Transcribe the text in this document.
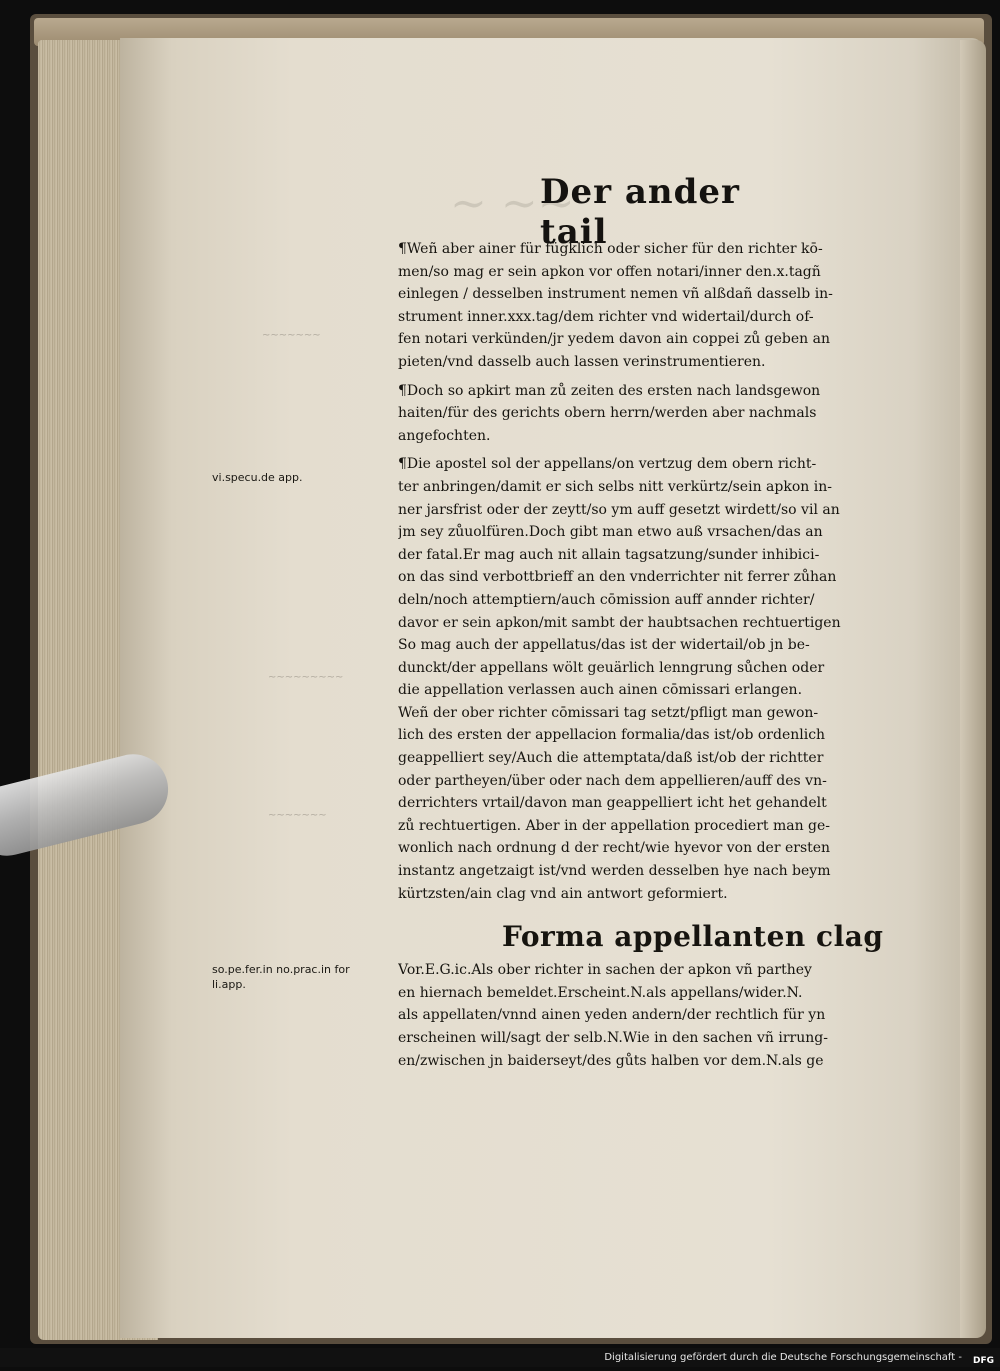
~ ~~
~~~~~~~
~~~~~~~~~
~~~~~~~
Der ander tail
vi.specu.de app.
so.pe.fer.in no.prac.in for li.app.
¶Weñ aber ainer für fügklich oder sicher für den richter kō-
men/so mag er sein apkon vor offen notari/inner den.x.tagñ
einlegen / desselben instrument nemen vñ alßdañ dasselb in-
strument inner.xxx.tag/dem richter vnd widertail/durch of-
fen notari verkünden/jr yedem davon ain coppei zů geben an
pieten/vnd dasselb auch lassen verinstrumentieren.
¶Doch so apkirt man zů zeiten des ersten nach landsgewon
haiten/für des gerichts obern herrn/werden aber nachmals
angefochten.
¶Die apostel sol der appellans/on vertzug dem obern richt-
ter anbringen/damit er sich selbs nitt verkürtz/sein apkon in-
ner jarsfrist oder der zeytt/so ym auff gesetzt wirdett/so vil an
jm sey zůuolfüren.Doch gibt man etwo auß vrsachen/das an
der fatal.Er mag auch nit allain tagsatzung/sunder inhibici-
on das sind verbottbrieff an den vnderrichter nit ferrer zůhan
deln/noch attemptiern/auch cōmission auff annder richter/
davor er sein apkon/mit sambt der haubtsachen rechtuertigen
So mag auch der appellatus/das ist der widertail/ob jn be-
dunckt/der appellans wölt geuärlich lenngrung sůchen oder
die appellation verlassen auch ainen cōmissari erlangen.
Weñ der ober richter cōmissari tag setzt/pfligt man gewon-
lich des ersten der appellacion formalia/das ist/ob ordenlich
geappelliert sey/Auch die attemptata/daß ist/ob der richtter
oder partheyen/über oder nach dem appellieren/auff des vn-
derrichters vrtail/davon man geappelliert icht het gehandelt
zů rechtuertigen. Aber in der appellation procediert man ge-
wonlich nach ordnung d der recht/wie hyevor von der ersten
instantz angetzaigt ist/vnd werden desselben hye nach beym
kürtzsten/ain clag vnd ain antwort geformiert.
Forma appellanten clag
Vor.E.G.ic.Als ober richter in sachen der apkon vñ parthey
en hiernach bemeldet.Erscheint.N.als appellans/wider.N.
als appellaten/vnnd ainen yeden andern/der rechtlich für yn
erscheinen will/sagt der selb.N.Wie in den sachen vñ irrung-
en/zwischen jn baiderseyt/des gůts halben vor dem.N.als ge
Digitalisierung gefördert durch die Deutsche Forschungsgemeinschaft - DFG
